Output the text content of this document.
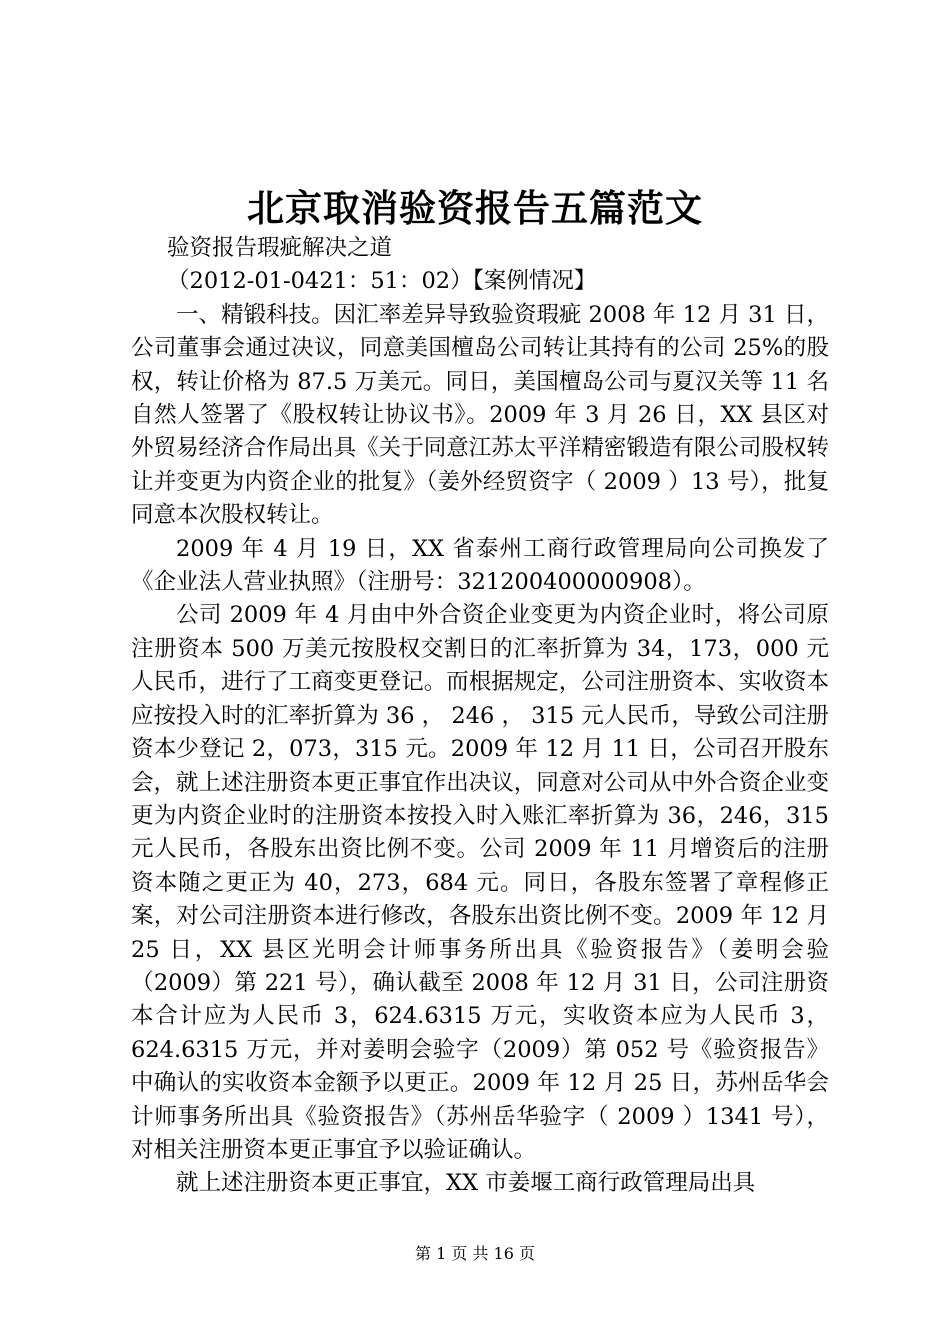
北京取消验资报告五篇范文

验资报告瑕疵解决之道

（2012-01-0421：51：02）【案例情况】

一、精锻科技。因汇率差异导致验资瑕疵 2008 年 12 月 31 日，公司董事会通过决议，同意美国檀岛公司转让其持有的公司 25%的股权，转让价格为 87.5 万美元。同日，美国檀岛公司与夏汉关等 11 名自然人签署了《股权转让协议书》。2009 年 3 月 26 日，XX 县区对外贸易经济合作局出具《关于同意江苏太平洋精密锻造有限公司股权转让并变更为内资企业的批复》（姜外经贸资字（ 2009 ）13 号），批复同意本次股权转让。

2009 年 4 月 19 日，XX 省泰州工商行政管理局向公司换发了《企业法人营业执照》（注册号：321200400000908）。

公司 2009 年 4 月由中外合资企业变更为内资企业时，将公司原注册资本 500 万美元按股权交割日的汇率折算为 34，173，000 元人民币，进行了工商变更登记。而根据规定，公司注册资本、实收资本应按投入时的汇率折算为 36 ， 246 ， 315 元人民币，导致公司注册资本少登记 2，073，315 元。2009 年 12 月 11 日，公司召开股东会，就上述注册资本更正事宜作出决议，同意对公司从中外合资企业变更为内资企业时的注册资本按投入时入账汇率折算为 36，246，315 元人民币，各股东出资比例不变。公司 2009 年 11 月增资后的注册资本随之更正为 40，273，684 元。同日，各股东签署了章程修正案，对公司注册资本进行修改，各股东出资比例不变。2009 年 12 月 25 日，XX 县区光明会计师事务所出具《验资报告》（姜明会验（2009）第 221 号），确认截至 2008 年 12 月 31 日，公司注册资本合计应为人民币 3，624.6315 万元，实收资本应为人民币 3，624.6315 万元，并对姜明会验字（2009）第 052 号《验资报告》中确认的实收资本金额予以更正。2009 年 12 月 25 日，苏州岳华会计师事务所出具《验资报告》（苏州岳华验字（ 2009 ）1341 号），对相关注册资本更正事宜予以验证确认。

就上述注册资本更正事宜，XX 市姜堰工商行政管理局出具

第 1 页 共 16 页
